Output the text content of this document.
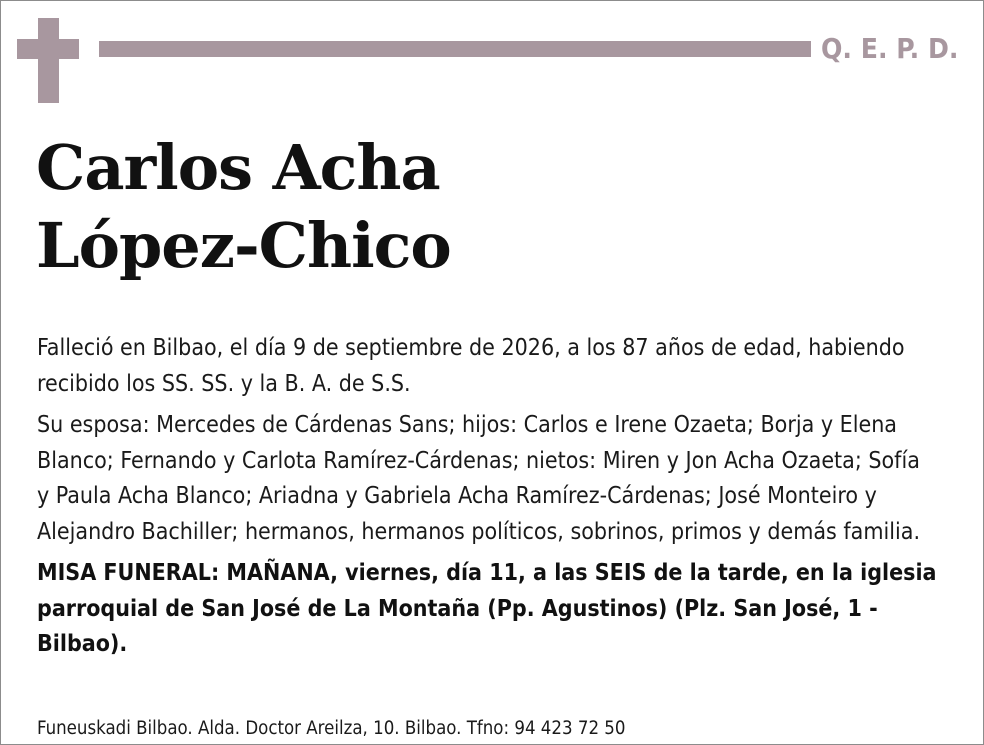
Q. E. P. D.
Carlos Acha
López-Chico

Falleció en Bilbao, el día 9 de septiembre de 2026, a los 87 años de edad, habiendo recibido los SS. SS. y la B. A. de S.S.

Su esposa: Mercedes de Cárdenas Sans; hijos: Carlos e Irene Ozaeta; Borja y Elena Blanco; Fernando y Carlota Ramírez-Cárdenas; nietos: Miren y Jon Acha Ozaeta; Sofía y Paula Acha Blanco; Ariadna y Gabriela Acha Ramírez-Cárdenas; José Monteiro y Alejandro Bachiller; hermanos, hermanos políticos, sobrinos, primos y demás familia.

MISA FUNERAL: MAÑANA, viernes, día 11, a las SEIS de la tarde, en la iglesia parroquial de San José de La Montaña (Pp. Agustinos) (Plz. San José, 1 - Bilbao).

Funeuskadi Bilbao. Alda. Doctor Areilza, 10. Bilbao. Tfno: 94 423 72 50
